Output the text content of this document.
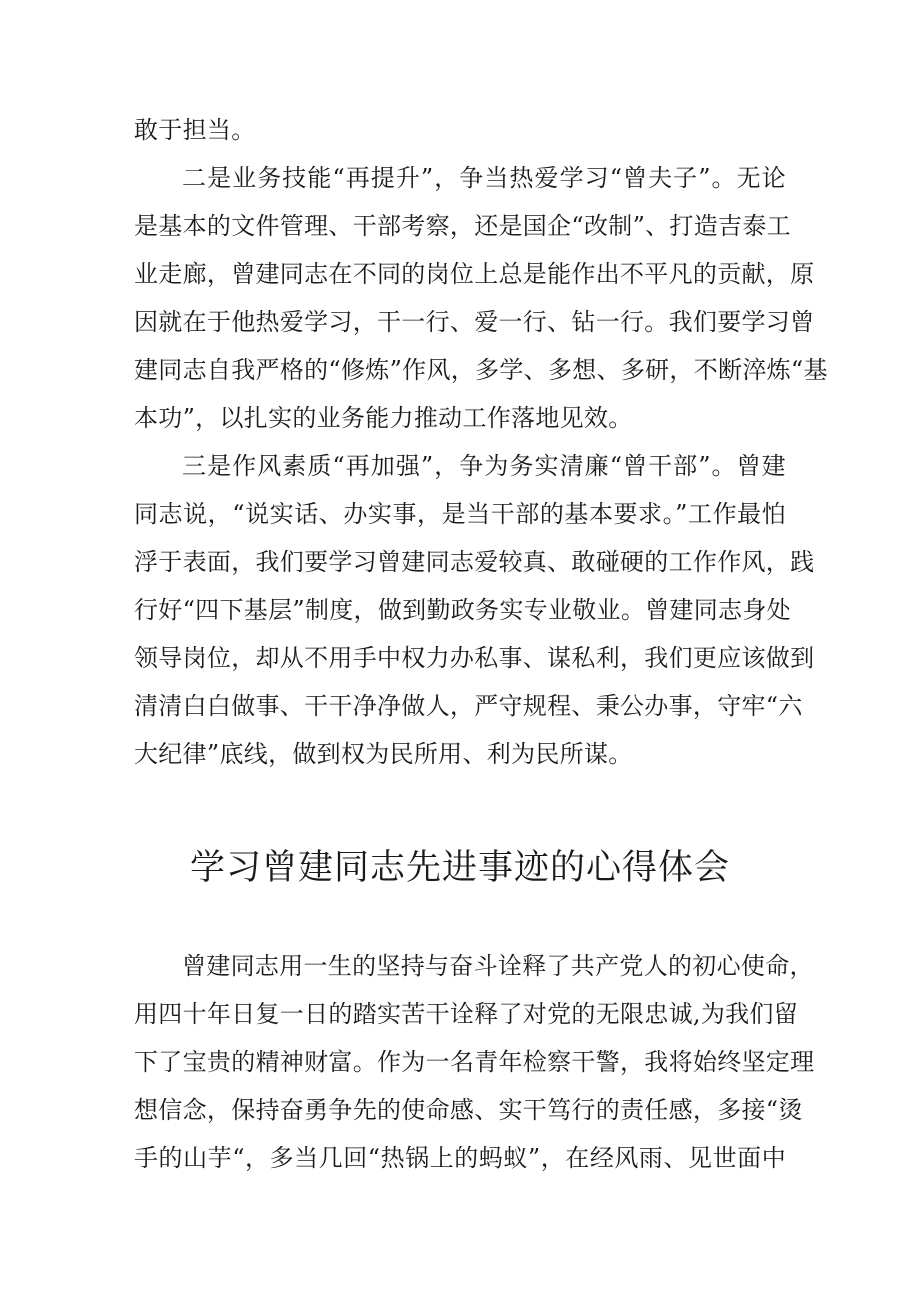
敢于担当。
二是业务技能“再提升”，争当热爱学习“曾夫子”。无论
是基本的文件管理、干部考察，还是国企“改制”、打造吉泰工
业走廊，曾建同志在不同的岗位上总是能作出不平凡的贡献，原
因就在于他热爱学习，干一行、爱一行、钻一行。我们要学习曾
建同志自我严格的“修炼”作风，多学、多想、多研，不断淬炼“基
本功”，以扎实的业务能力推动工作落地见效。
三是作风素质“再加强”，争为务实清廉“曾干部”。曾建
同志说，“说实话、办实事，是当干部的基本要求。”工作最怕
浮于表面，我们要学习曾建同志爱较真、敢碰硬的工作作风，践
行好“四下基层”制度，做到勤政务实专业敬业。曾建同志身处
领导岗位，却从不用手中权力办私事、谋私利，我们更应该做到
清清白白做事、干干净净做人，严守规程、秉公办事，守牢“六
大纪律”底线，做到权为民所用、利为民所谋。
学习曾建同志先进事迹的心得体会
曾建同志用一生的坚持与奋斗诠释了共产党人的初心使命，
用四十年日复一日的踏实苦干诠释了对党的无限忠诚,为我们留
下了宝贵的精神财富。作为一名青年检察干警，我将始终坚定理
想信念，保持奋勇争先的使命感、实干笃行的责任感，多接“烫
手的山芋“，多当几回“热锅上的蚂蚁”，在经风雨、见世面中
